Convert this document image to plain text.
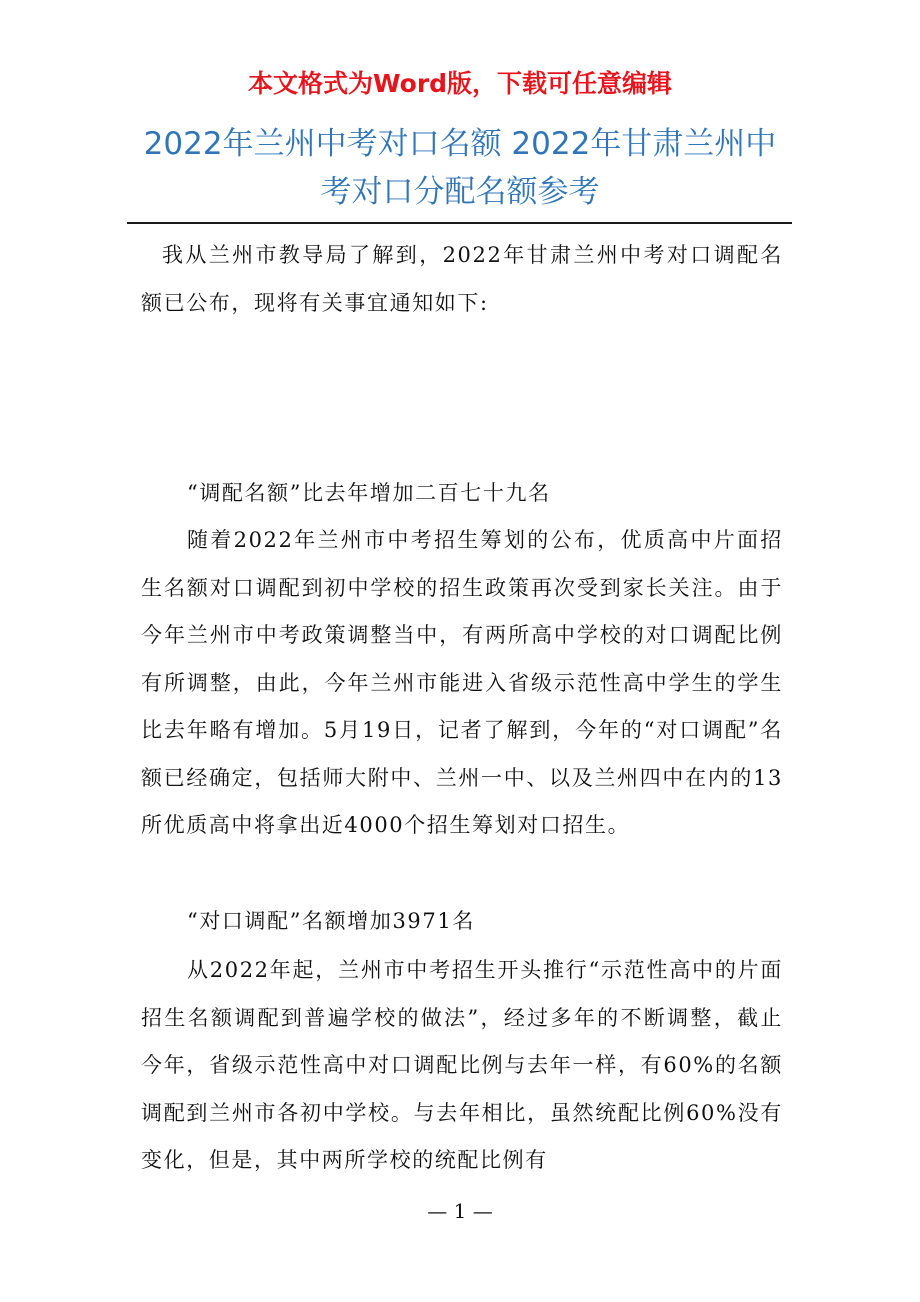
本文格式为Word版，下载可任意编辑
2022年兰州中考对口名额 2022年甘肃兰州中考对口分配名额参考

我从兰州市教导局了解到，2022年甘肃兰州中考对口调配名额已公布，现将有关事宜通知如下:

“调配名额”比去年增加二百七十九名

随着2022年兰州市中考招生筹划的公布，优质高中片面招生名额对口调配到初中学校的招生政策再次受到家长关注。由于今年兰州市中考政策调整当中，有两所高中学校的对口调配比例有所调整，由此，今年兰州市能进入省级示范性高中学生的学生比去年略有增加。5月19日，记者了解到，今年的“对口调配”名额已经确定，包括师大附中、兰州一中、以及兰州四中在内的13所优质高中将拿出近4000个招生筹划对口招生。

“对口调配”名额增加3971名

从2022年起，兰州市中考招生开头推行“示范性高中的片面招生名额调配到普遍学校的做法”，经过多年的不断调整，截止今年，省级示范性高中对口调配比例与去年一样，有60%的名额调配到兰州市各初中学校。与去年相比，虽然统配比例60%没有变化，但是，其中两所学校的统配比例有

— 1 —
